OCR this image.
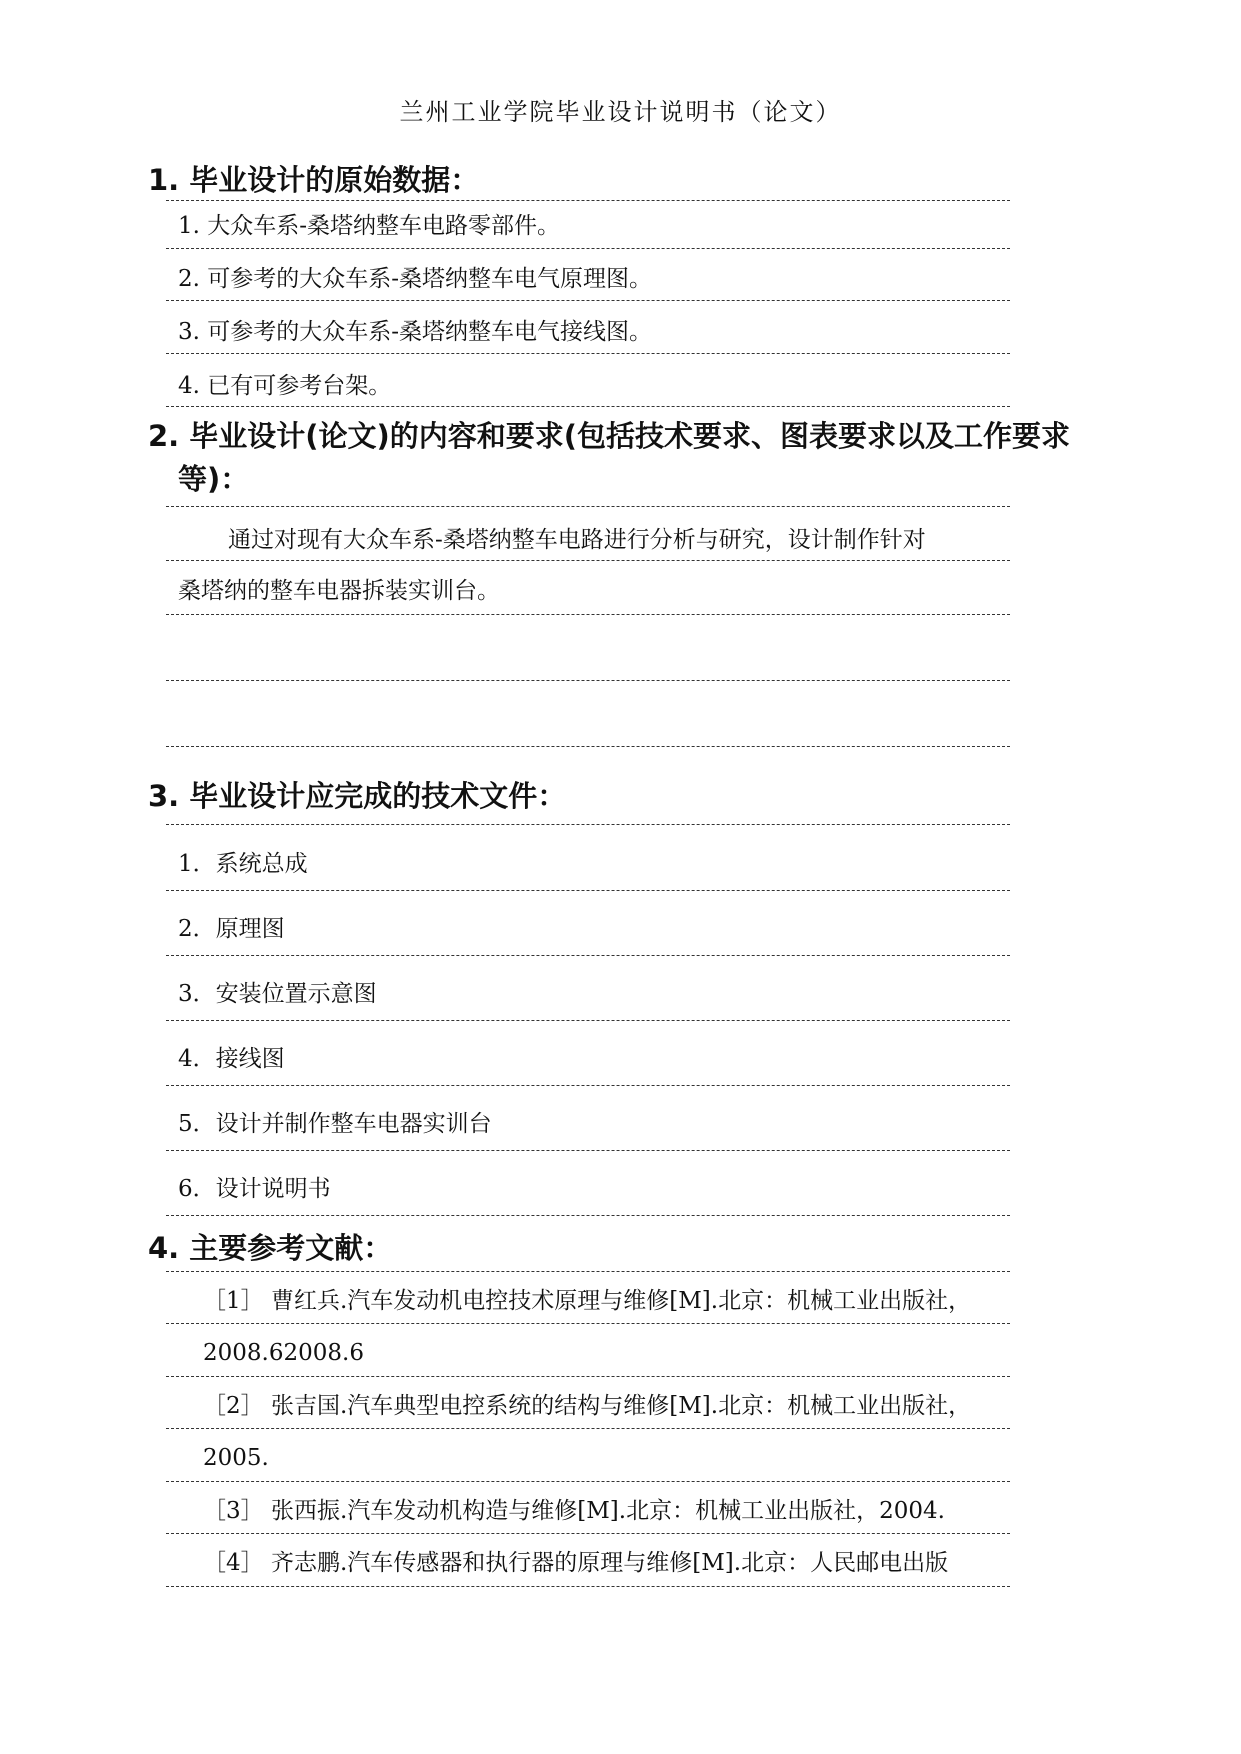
兰州工业学院毕业设计说明书（论文）
1. 毕业设计的原始数据：
1. 大众车系-桑塔纳整车电路零部件。
2. 可参考的大众车系-桑塔纳整车电气原理图。
3. 可参考的大众车系-桑塔纳整车电气接线图。
4. 已有可参考台架。
2. 毕业设计(论文)的内容和要求(包括技术要求、图表要求以及工作要求
等)：
通过对现有大众车系-桑塔纳整车电路进行分析与研究，设计制作针对
桑塔纳的整车电器拆装实训台。
3. 毕业设计应完成的技术文件：
1．系统总成
2．原理图
3．安装位置示意图
4．接线图
5．设计并制作整车电器实训台
6．设计说明书
4. 主要参考文献：
［1］ 曹红兵.汽车发动机电控技术原理与维修[M].北京：机械工业出版社，
2008.62008.6
［2］ 张吉国.汽车典型电控系统的结构与维修[M].北京：机械工业出版社，
2005.
［3］ 张西振.汽车发动机构造与维修[M].北京：机械工业出版社，2004.
［4］ 齐志鹏.汽车传感器和执行器的原理与维修[M].北京：人民邮电出版
